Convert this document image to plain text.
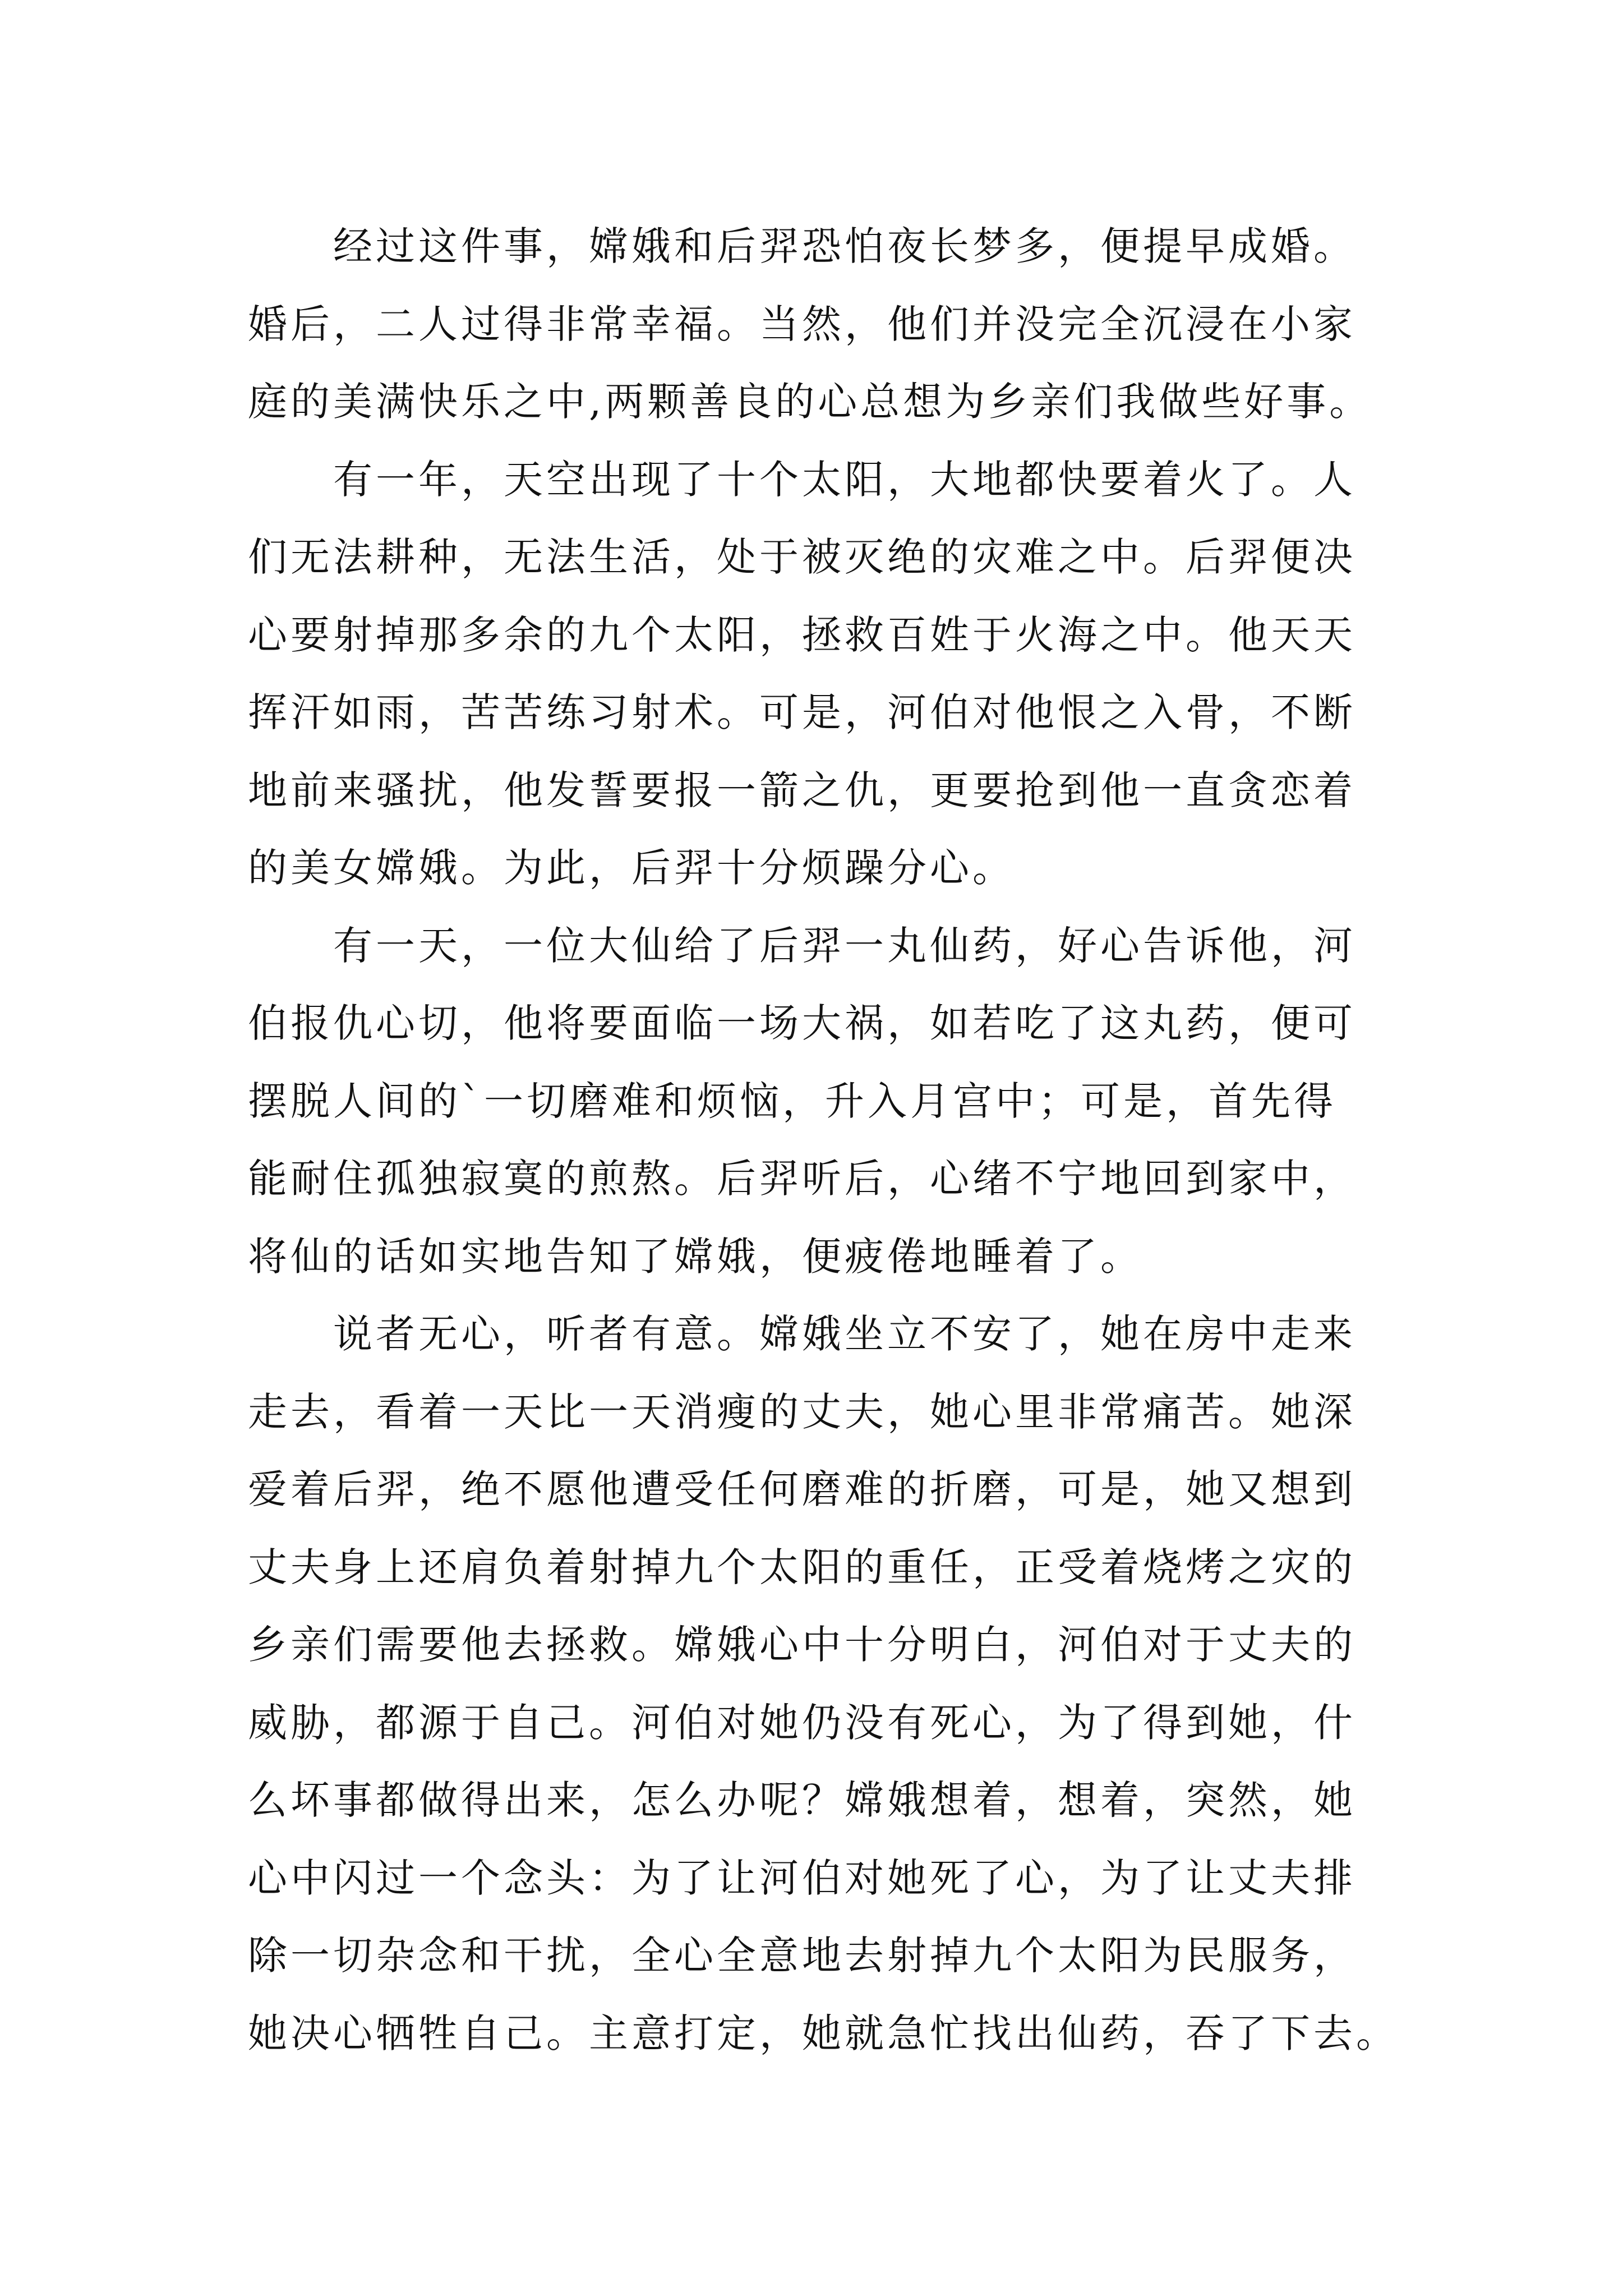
　　经过这件事，嫦娥和后羿恐怕夜长梦多，便提早成婚。
婚后，二人过得非常幸福。当然，他们并没完全沉浸在小家
庭的美满快乐之中,两颗善良的心总想为乡亲们我做些好事。
　　有一年，天空出现了十个太阳，大地都快要着火了。人
们无法耕种，无法生活，处于被灭绝的灾难之中。后羿便决
心要射掉那多余的九个太阳，拯救百姓于火海之中。他天天
挥汗如雨，苦苦练习射术。可是，河伯对他恨之入骨，不断
地前来骚扰，他发誓要报一箭之仇，更要抢到他一直贪恋着
的美女嫦娥。为此，后羿十分烦躁分心。
　　有一天，一位大仙给了后羿一丸仙药，好心告诉他，河
伯报仇心切，他将要面临一场大祸，如若吃了这丸药，便可
摆脱人间的`一切磨难和烦恼，升入月宫中；可是，首先得
能耐住孤独寂寞的煎熬。后羿听后，心绪不宁地回到家中，
将仙的话如实地告知了嫦娥，便疲倦地睡着了。
　　说者无心，听者有意。嫦娥坐立不安了，她在房中走来
走去，看着一天比一天消瘦的丈夫，她心里非常痛苦。她深
爱着后羿，绝不愿他遭受任何磨难的折磨，可是，她又想到
丈夫身上还肩负着射掉九个太阳的重任，正受着烧烤之灾的
乡亲们需要他去拯救。嫦娥心中十分明白，河伯对于丈夫的
威胁，都源于自己。河伯对她仍没有死心，为了得到她，什
么坏事都做得出来，怎么办呢？嫦娥想着，想着，突然，她
心中闪过一个念头：为了让河伯对她死了心，为了让丈夫排
除一切杂念和干扰，全心全意地去射掉九个太阳为民服务，
她决心牺牲自己。主意打定，她就急忙找出仙药，吞了下去。
